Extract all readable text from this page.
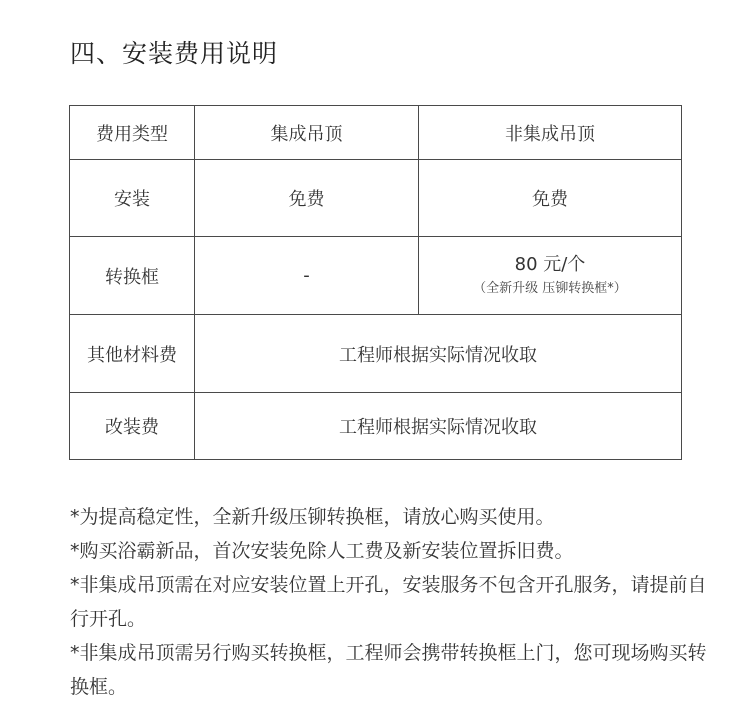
四、安装费用说明
费用类型	集成吊顶	非集成吊顶
安装	免费	免费
转换框	-	80 元/个
（全新升级 压铆转换框*）

其他材料费	工程师根据实际情况收取	
改装费	工程师根据实际情况收取	
*为提高稳定性，全新升级压铆转换框，请放心购买使用。
*购买浴霸新品，首次安装免除人工费及新安装位置拆旧费。
*非集成吊顶需在对应安装位置上开孔，安装服务不包含开孔服务，请提前自行开孔。
*非集成吊顶需另行购买转换框，工程师会携带转换框上门，您可现场购买转换框。
